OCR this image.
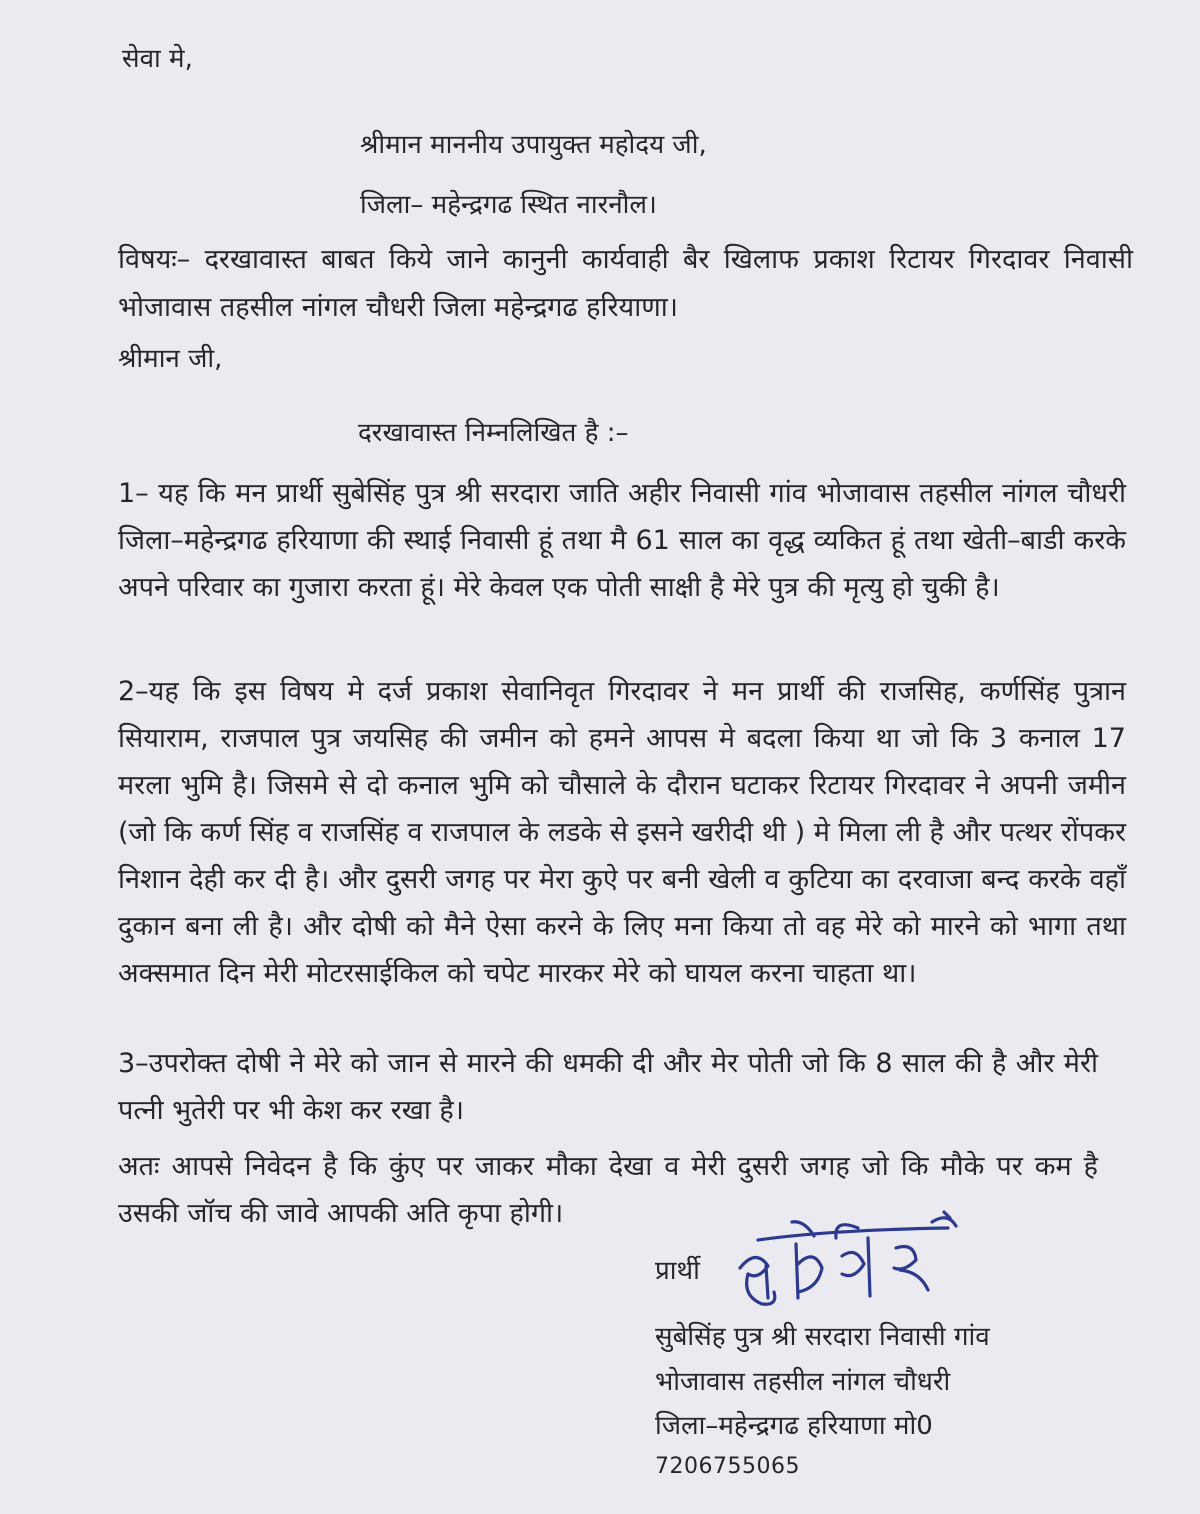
सेवा मे,
श्रीमान माननीय उपायुक्त महोदय जी,
जिला– महेन्द्रगढ स्थित नारनौल।
विषयः– दरखावास्त बाबत किये जाने कानुनी कार्यवाही बैर खिलाफ प्रकाश रिटायर गिरदावर निवासी भोजावास तहसील नांगल चौधरी जिला महेन्द्रगढ हरियाणा।
श्रीमान जी,
दरखावास्त निम्नलिखित है :–
1– यह कि मन प्रार्थी सुबेसिंह पुत्र श्री सरदारा जाति अहीर निवासी गांव भोजावास तहसील नांगल चौधरी जिला–महेन्द्रगढ हरियाणा की स्थाई निवासी हूं तथा मै 61 साल का वृद्ध व्यकित हूं तथा खेती–बाडी करके अपने परिवार का गुजारा करता हूं। मेरे केवल एक पोती साक्षी है मेरे पुत्र की मृत्यु हो चुकी है।
2–यह कि इस विषय मे दर्ज प्रकाश सेवानिवृत गिरदावर ने मन प्रार्थी की राजसिह, कर्णसिंह पुत्रान सियाराम, राजपाल पुत्र जयसिह की जमीन को हमने आपस मे बदला किया था जो कि 3 कनाल 17 मरला भुमि है। जिसमे से दो कनाल भुमि को चौसाले के दौरान घटाकर रिटायर गिरदावर ने अपनी जमीन (जो कि कर्ण सिंह व राजसिंह व राजपाल के लडके से इसने खरीदी थी ) मे मिला ली है और पत्थर रोंपकर निशान देही कर दी है। और दुसरी जगह पर मेरा कुऐ पर बनी खेली व कुटिया का दरवाजा बन्द करके वहाँ दुकान बना ली है। और दोषी को मैने ऐसा करने के लिए मना किया तो वह मेरे को मारने को भागा तथा अक्समात दिन मेरी मोटरसाईकिल को चपेट मारकर मेरे को घायल करना चाहता था।
3–उपरोक्त दोषी ने मेरे को जान से मारने की धमकी दी और मेर पोती जो कि 8 साल की है और मेरी पत्नी भुतेरी पर भी केश कर रखा है।
अतः आपसे निवेदन है कि कुंए पर जाकर मौका देखा व मेरी दुसरी जगह जो कि मौके पर कम है उसकी जॉच की जावे आपकी अति कृपा होगी।
प्रार्थी
सुबेसिंह पुत्र श्री सरदारा निवासी गांव
भोजावास तहसील नांगल चौधरी
जिला–महेन्द्रगढ हरियाणा मो0
7206755065
